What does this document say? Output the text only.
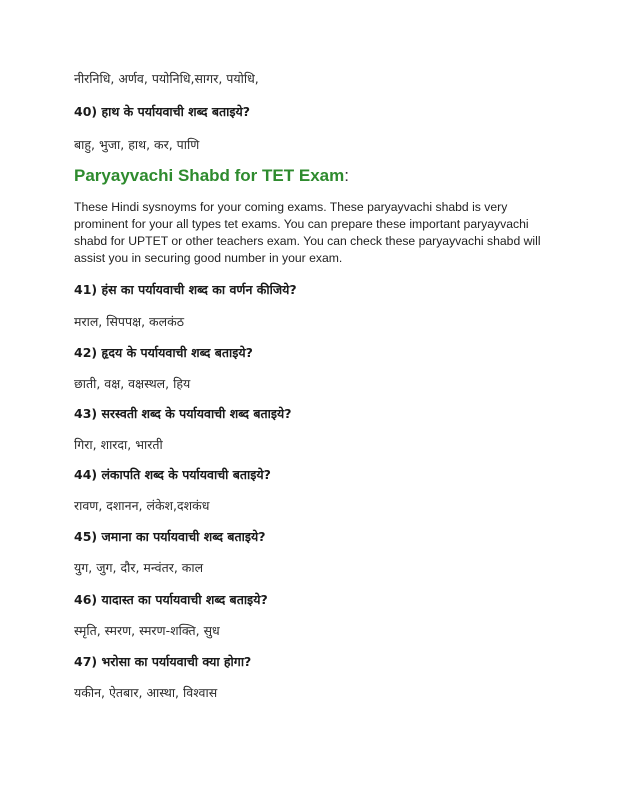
नीरनिधि, अर्णव, पयोनिधि,सागर, पयोधि,
40) हाथ के पर्यायवाची शब्द बताइये?
बाहु, भुजा, हाथ, कर, पाणि
Paryayvachi Shabd for TET Exam:
These Hindi sysnoyms for your coming exams. These paryayvachi shabd is very prominent for your all types tet exams. You can prepare these important paryayvachi shabd for UPTET or other teachers exam. You can check these paryayvachi shabd will assist you in securing good number in your exam.
41) हंस का पर्यायवाची शब्द का वर्णन कीजिये?
मराल, सिपपक्ष, कलकंठ
42) हृदय के पर्यायवाची शब्द बताइये?
छाती, वक्ष, वक्षस्थल, हिय
43) सरस्वती शब्द के पर्यायवाची शब्द बताइये?
गिरा, शारदा, भारती
44) लंकापति शब्द के पर्यायवाची बताइये?
रावण, दशानन, लंकेश,दशकंध
45) जमाना का पर्यायवाची शब्द बताइये?
युग, जुग, दौर, मन्वंतर, काल
46) यादास्त का पर्यायवाची शब्द बताइये?
स्मृति, स्मरण, स्मरण-शक्ति, सुध
47) भरोसा का पर्यायवाची क्या होगा?
यकीन, ऐतबार, आस्था, विश्वास
